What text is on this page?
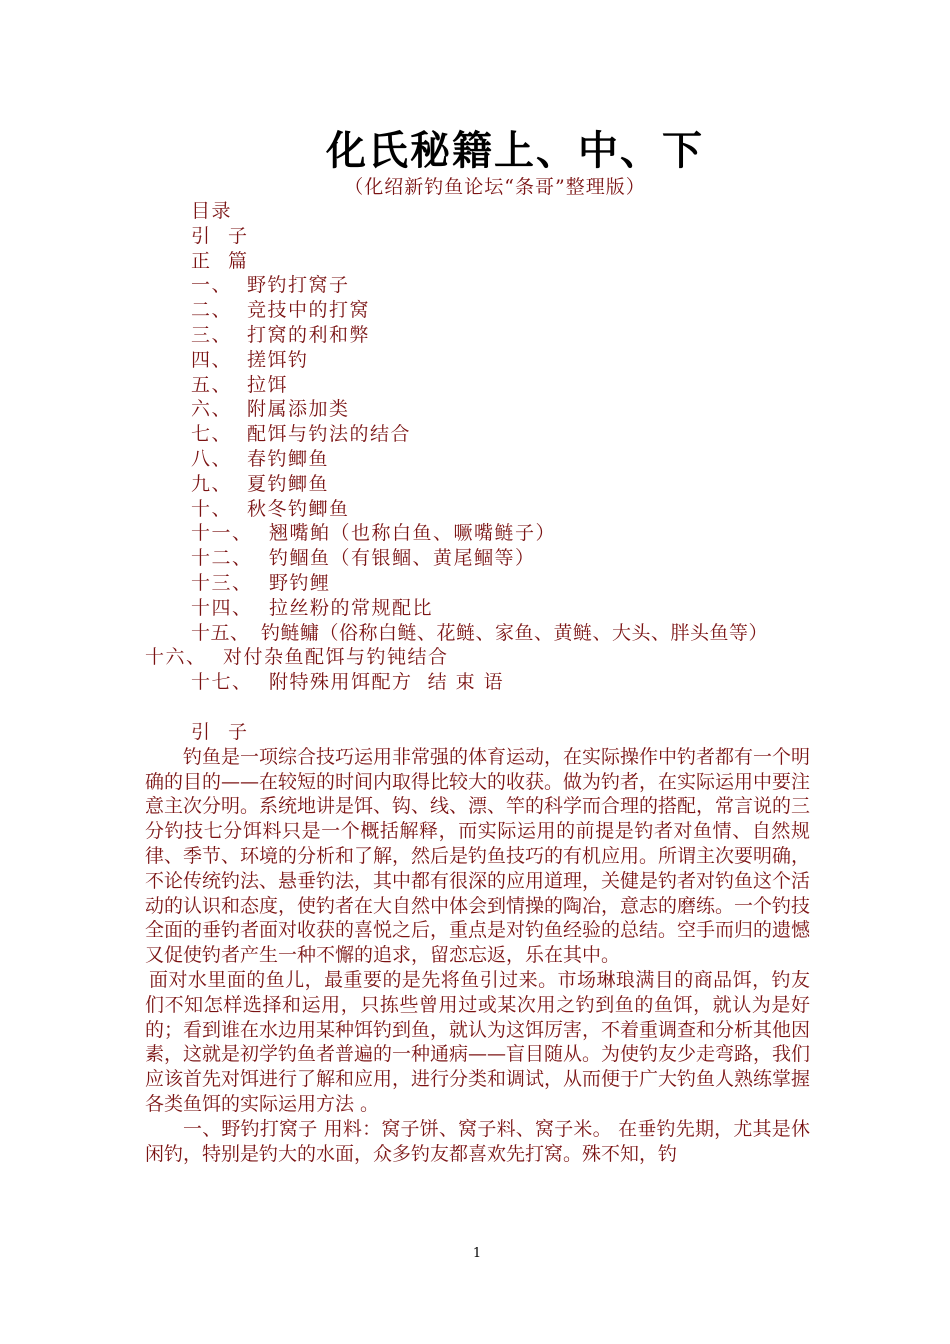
化氏秘籍上、中、下
（化绍新钓鱼论坛“条哥”整理版）
目录
引 子
正 篇
一、 野钓打窝子
二、 竞技中的打窝
三、 打窝的利和弊
四、 搓饵钓
五、 拉饵
六、 附属添加类
七、 配饵与钓法的结合
八、 春钓鲫鱼
九、 夏钓鲫鱼
十、 秋冬钓鲫鱼
十一、 翘嘴鲌（也称白鱼、噘嘴鲢子）
十二、 钓鲴鱼（有银鲴、黄尾鲴等）
十三、 野钓鲤
十四、 拉丝粉的常规配比
十五、 钓鲢鳙（俗称白鲢、花鲢、家鱼、黄鲢、大头、胖头鱼等）
十六、 对付杂鱼配饵与钓钝结合
十七、 附特殊用饵配方  结 束 语
引 子

钓鱼是一项综合技巧运用非常强的体育运动，在实际操作中钓者都有一个明确的目的——在较短的时间内取得比较大的收获。做为钓者，在实际运用中要注意主次分明。系统地讲是饵、钩、线、漂、竿的科学而合理的搭配，常言说的三分钓技七分饵料只是一个概括解释，而实际运用的前提是钓者对鱼情、自然规律、季节、环境的分析和了解，然后是钓鱼技巧的有机应用。所谓主次要明确，不论传统钓法、悬垂钓法，其中都有很深的应用道理，关健是钓者对钓鱼这个活动的认识和态度，使钓者在大自然中体会到情操的陶冶，意志的磨练。一个钓技全面的垂钓者面对收获的喜悦之后，重点是对钓鱼经验的总结。空手而归的遗憾又促使钓者产生一种不懈的追求，留恋忘返，乐在其中。

面对水里面的鱼儿，最重要的是先将鱼引过来。市场琳琅满目的商品饵，钓友们不知怎样选择和运用，只拣些曾用过或某次用之钓到鱼的鱼饵，就认为是好的；看到谁在水边用某种饵钓到鱼，就认为这饵厉害，不着重调查和分析其他因素，这就是初学钓鱼者普遍的一种通病——盲目随从。为使钓友少走弯路，我们应该首先对饵进行了解和应用，进行分类和调试，从而便于广大钓鱼人熟练掌握各类鱼饵的实际运用方法 。

一、野钓打窝子 用料：窝子饼、窝子料、窝子米。 在垂钓先期，尤其是休闲钓，特别是钓大的水面，众多钓友都喜欢先打窝。殊不知，钓

1
